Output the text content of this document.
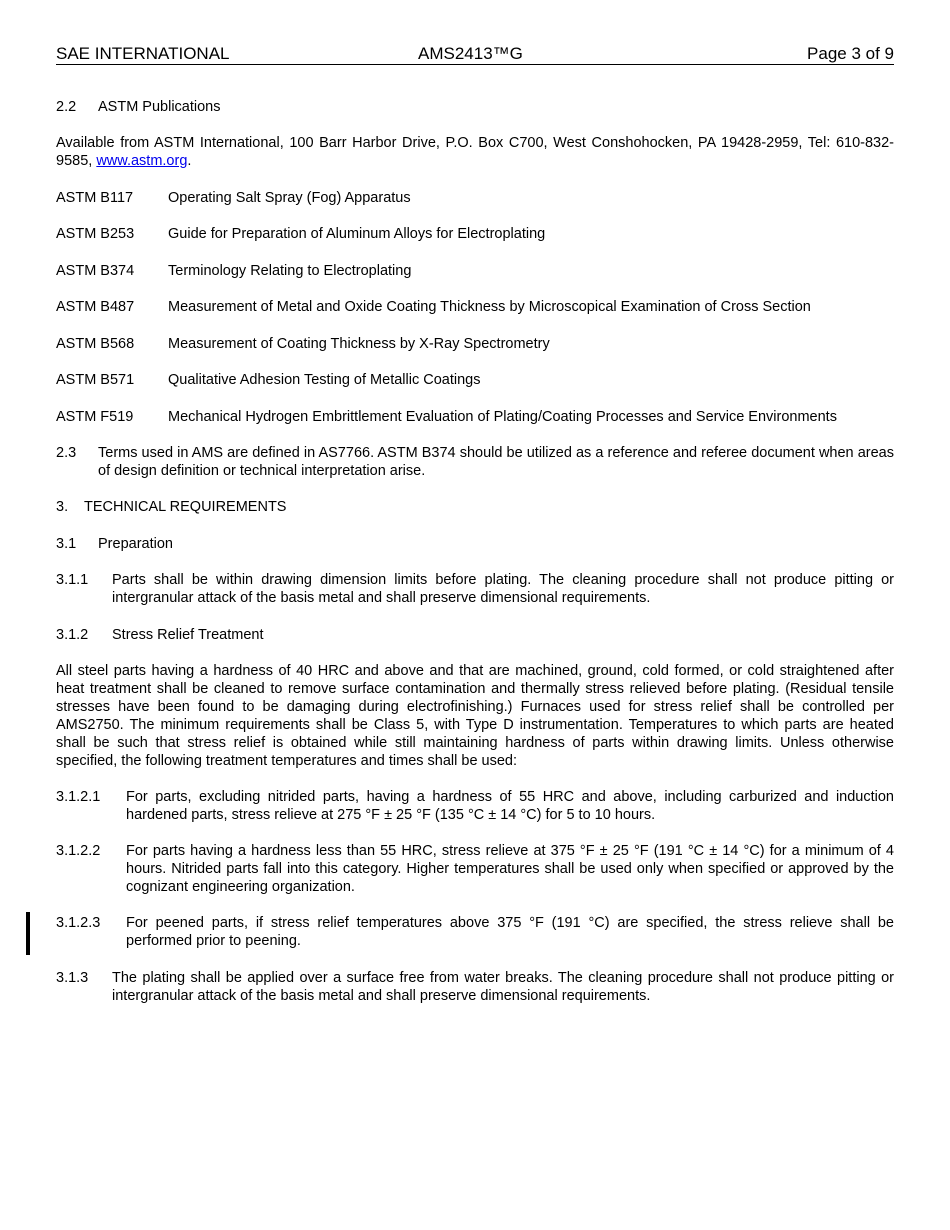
SAE INTERNATIONAL	AMS2413™G	Page 3 of 9
2.2 ASTM Publications
Available from ASTM International, 100 Barr Harbor Drive, P.O. Box C700, West Conshohocken, PA 19428-2959, Tel: 610-832-9585, www.astm.org.
ASTM B117 Operating Salt Spray (Fog) Apparatus
ASTM B253 Guide for Preparation of Aluminum Alloys for Electroplating
ASTM B374 Terminology Relating to Electroplating
ASTM B487 Measurement of Metal and Oxide Coating Thickness by Microscopical Examination of Cross Section
ASTM B568 Measurement of Coating Thickness by X-Ray Spectrometry
ASTM B571 Qualitative Adhesion Testing of Metallic Coatings
ASTM F519 Mechanical Hydrogen Embrittlement Evaluation of Plating/Coating Processes and Service Environments
2.3 Terms used in AMS are defined in AS7766. ASTM B374 should be utilized as a reference and referee document when areas of design definition or technical interpretation arise.
3. TECHNICAL REQUIREMENTS
3.1 Preparation
3.1.1 Parts shall be within drawing dimension limits before plating. The cleaning procedure shall not produce pitting or intergranular attack of the basis metal and shall preserve dimensional requirements.
3.1.2 Stress Relief Treatment
All steel parts having a hardness of 40 HRC and above and that are machined, ground, cold formed, or cold straightened after heat treatment shall be cleaned to remove surface contamination and thermally stress relieved before plating. (Residual tensile stresses have been found to be damaging during electrofinishing.) Furnaces used for stress relief shall be controlled per AMS2750. The minimum requirements shall be Class 5, with Type D instrumentation. Temperatures to which parts are heated shall be such that stress relief is obtained while still maintaining hardness of parts within drawing limits. Unless otherwise specified, the following treatment temperatures and times shall be used:
3.1.2.1 For parts, excluding nitrided parts, having a hardness of 55 HRC and above, including carburized and induction hardened parts, stress relieve at 275 °F ± 25 °F (135 °C ± 14 °C) for 5 to 10 hours.
3.1.2.2 For parts having a hardness less than 55 HRC, stress relieve at 375 °F ± 25 °F (191 °C ± 14 °C) for a minimum of 4 hours. Nitrided parts fall into this category. Higher temperatures shall be used only when specified or approved by the cognizant engineering organization.
3.1.2.3 For peened parts, if stress relief temperatures above 375 °F (191 °C) are specified, the stress relieve shall be performed prior to peening.
3.1.3 The plating shall be applied over a surface free from water breaks. The cleaning procedure shall not produce pitting or intergranular attack of the basis metal and shall preserve dimensional requirements.
